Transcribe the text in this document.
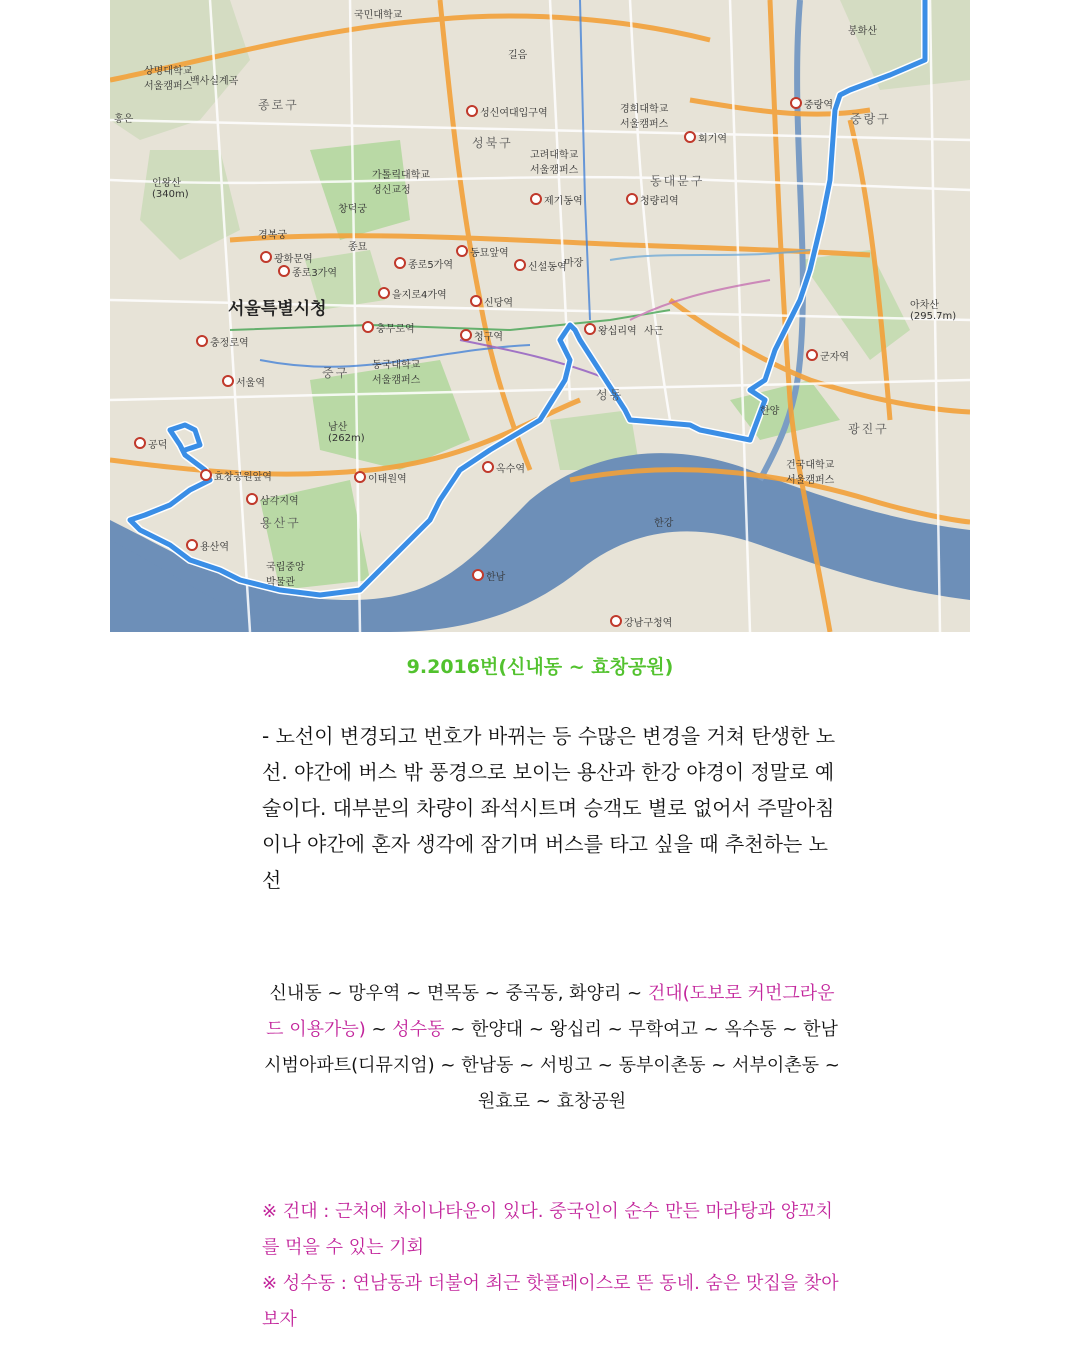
서울특별시청
종로구
성북구
동대문구
중구
용산구
성동
광진구
중랑구
인왕산
(340m)
남산
(262m)
아차산
(295.7m)
상명대학교
서울캠퍼스
경희대학교
서울캠퍼스
고려대학교
서울캠퍼스
동국대학교
서울캠퍼스
건국대학교
서울캠퍼스
국립중앙
박물관
가톨릭대학교
성신교정
창덕궁
경복궁
종묘
봉화산
한양
한강
백사실계곡
국민대학교
길음
마장
사근
홍은
제기동역	청량리역
회기역
중랑역
신설동역
동묘앞역
종로5가역
을지로4가역
신당역
충무로역
청구역
왕십리역
충정로역
서울역
삼각지역
용산역
공덕
효창공원앞역
옥수역
군자역
종로3가역
광화문역
성신여대입구역
이태원역
한남
강남구청역
9.2016번(신내동 ~ 효창공원)
- 노선이 변경되고 번호가 바뀌는 등 수많은 변경을 거쳐 탄생한 노선. 야간에 버스 밖 풍경으로 보이는 용산과 한강 야경이 정말로 예술이다. 대부분의 차량이 좌석시트며 승객도 별로 없어서 주말아침이나 야간에 혼자 생각에 잠기며 버스를 타고 싶을 때 추천하는 노선
신내동 ~ 망우역 ~ 면목동 ~ 중곡동, 화양리 ~ 건대(도보로 커먼그라운드 이용가능) ~ 성수동 ~ 한양대 ~ 왕십리 ~ 무학여고 ~ 옥수동 ~ 한남시범아파트(디뮤지엄) ~ 한남동 ~ 서빙고 ~ 동부이촌동 ~ 서부이촌동 ~ 원효로 ~ 효창공원
※ 건대 : 근처에 차이나타운이 있다. 중국인이 순수 만든 마라탕과 양꼬치를 먹을 수 있는 기회
※ 성수동 : 연남동과 더불어 최근 핫플레이스로 뜬 동네. 숨은 맛집을 찾아보자
